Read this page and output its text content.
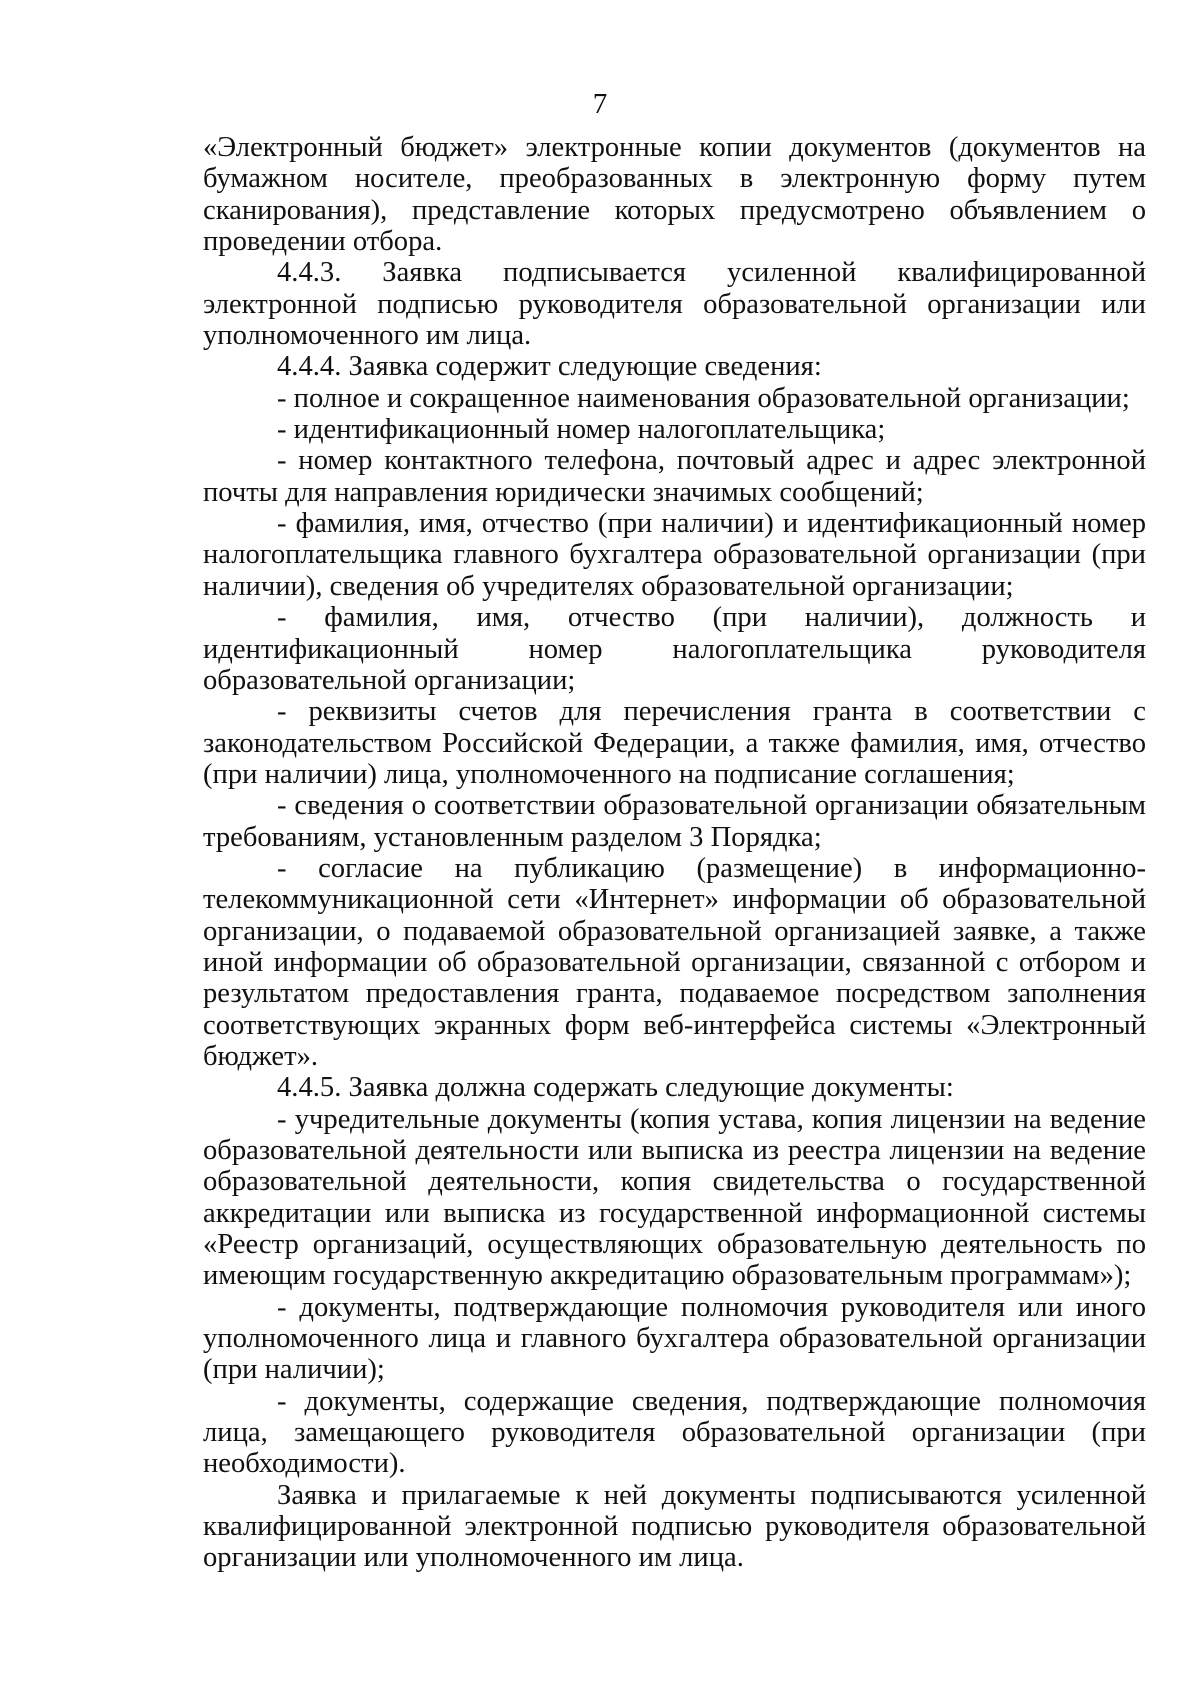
7

«Электронный бюджет» электронные копии документов (документов на бумажном носителе, преобразованных в электронную форму путем сканирования), представление которых предусмотрено объявлением о проведении отбора.

4.4.3. Заявка подписывается усиленной квалифицированной электронной подписью руководителя образовательной организации или уполномоченного им лица.

4.4.4. Заявка содержит следующие сведения:

- полное и сокращенное наименования образовательной организации;

- идентификационный номер налогоплательщика;

- номер контактного телефона, почтовый адрес и адрес электронной почты для направления юридически значимых сообщений;

- фамилия, имя, отчество (при наличии) и идентификационный номер налогоплательщика главного бухгалтера образовательной организации (при наличии), сведения об учредителях образовательной организации;

- фамилия, имя, отчество (при наличии), должность и идентификационный номер налогоплательщика руководителя образовательной организации;

- реквизиты счетов для перечисления гранта в соответствии с законодательством Российской Федерации, а также фамилия, имя, отчество (при наличии) лица, уполномоченного на подписание соглашения;

- сведения о соответствии образовательной организации обязательным требованиям, установленным разделом 3 Порядка;

- согласие на публикацию (размещение) в информационно-телекоммуникационной сети «Интернет» информации об образовательной организации, о подаваемой образовательной организацией заявке, а также иной информации об образовательной организации, связанной с отбором и результатом предоставления гранта, подаваемое посредством заполнения соответствующих экранных форм веб-интерфейса системы «Электронный бюджет».

4.4.5. Заявка должна содержать следующие документы:

- учредительные документы (копия устава, копия лицензии на ведение образовательной деятельности или выписка из реестра лицензии на ведение образовательной деятельности, копия свидетельства о государственной аккредитации или выписка из государственной информационной системы «Реестр организаций, осуществляющих образовательную деятельность по имеющим государственную аккредитацию образовательным программам»);

- документы, подтверждающие полномочия руководителя или иного уполномоченного лица и главного бухгалтера образовательной организации (при наличии);

- документы, содержащие сведения, подтверждающие полномочия лица, замещающего руководителя образовательной организации (при необходимости).

Заявка и прилагаемые к ней документы подписываются усиленной квалифицированной электронной подписью руководителя образовательной организации или уполномоченного им лица.
